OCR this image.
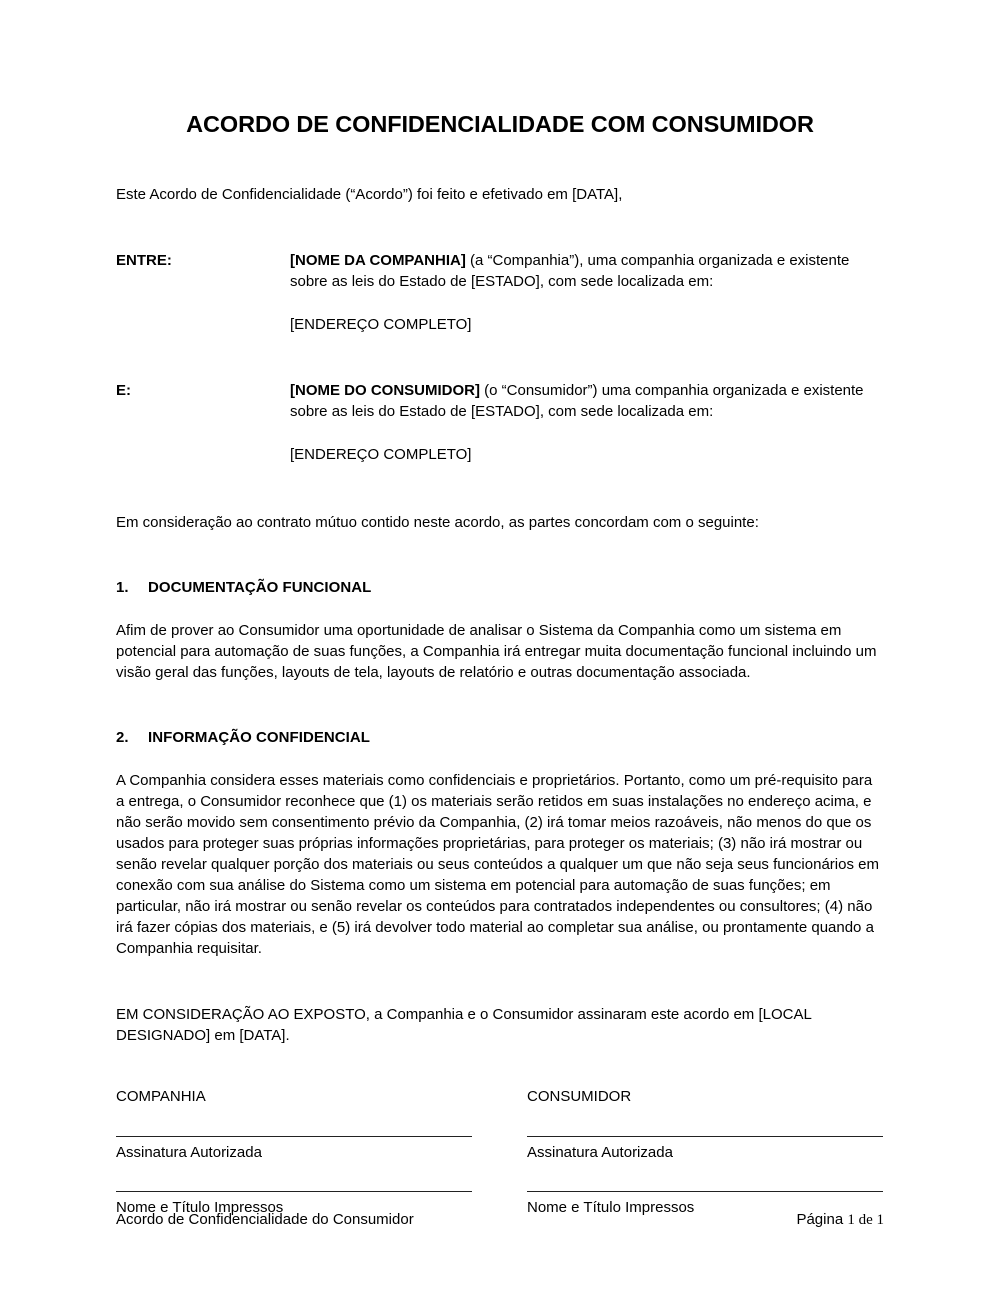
ACORDO DE CONFIDENCIALIDADE COM CONSUMIDOR

Este Acordo de Confidencialidade (“Acordo”) foi feito e efetivado em [DATA],

ENTRE:	[NOME DA COMPANHIA] (a “Companhia”), uma companhia organizada e existente sobre as leis do Estado de [ESTADO], com sede localizada em:
[ENDEREÇO COMPLETO]
E:	[NOME DO CONSUMIDOR] (o “Consumidor”) uma companhia organizada e existente sobre as leis do Estado de [ESTADO], com sede localizada em:
[ENDEREÇO COMPLETO]

Em consideração ao contrato mútuo contido neste acordo, as partes concordam com o seguinte:

1.	DOCUMENTAÇÃO FUNCIONAL

Afim de prover ao Consumidor uma oportunidade de analisar o Sistema da Companhia como um sistema em potencial para automação de suas funções, a Companhia irá entregar muita documentação funcional incluindo um visão geral das funções, layouts de tela, layouts de relatório e outras documentação associada.

2.	INFORMAÇÃO CONFIDENCIAL

A Companhia considera esses materiais como confidenciais e proprietários. Portanto, como um pré-requisito para a entrega, o Consumidor reconhece que (1) os materiais serão retidos em suas instalações no endereço acima, e não serão movido sem consentimento prévio da Companhia, (2) irá tomar meios razoáveis, não menos do que os usados para proteger suas próprias informações proprietárias, para proteger os materiais; (3) não irá mostrar ou senão revelar qualquer porção dos materiais ou seus conteúdos a qualquer um que não seja seus funcionários em conexão com sua análise do Sistema como um sistema em potencial para automação de suas funções; em particular, não irá mostrar ou senão revelar os conteúdos para contratados independentes ou consultores; (4) não irá fazer cópias dos materiais, e (5) irá devolver todo material ao completar sua análise, ou prontamente quando a Companhia requisitar.

EM CONSIDERAÇÃO AO EXPOSTO, a Companhia e o Consumidor assinaram este acordo em [LOCAL DESIGNADO] em [DATA].

COMPANHIA	CONSUMIDOR
Assinatura Autorizada	Assinatura Autorizada
Nome e Título Impressos	Nome e Título Impressos
Acordo de Confidencialidade do Consumidor	Página 1 de 1
